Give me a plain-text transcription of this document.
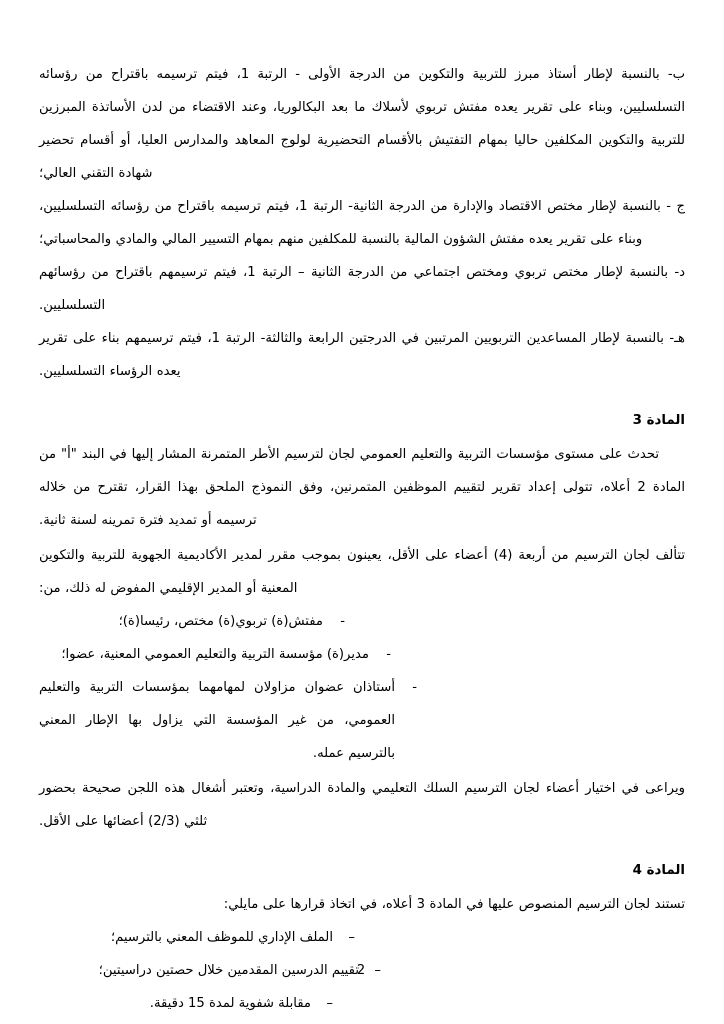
ب- بالنسبة لإطار أستاذ مبرز للتربية والتكوين من الدرجة الأولى - الرتبة 1، فيتم ترسيمه باقتراح من رؤسائه التسلسليين، وبناء على تقرير يعده مفتش تربوي لأسلاك ما بعد البكالوريا، وعند الاقتضاء من لدن الأساتذة المبرزين للتربية والتكوين المكلفين حاليا بمهام التفتيش بالأقسام التحضيرية لولوج المعاهد والمدارس العليا، أو أقسام تحضير شهادة التقني العالي؛

ج - بالنسبة لإطار مختص الاقتصاد والإدارة من الدرجة الثانية- الرتبة 1، فيتم ترسيمه باقتراح من رؤسائه التسلسليين، وبناء على تقرير يعده مفتش الشؤون المالية بالنسبة للمكلفين منهم بمهام التسيير المالي والمادي والمحاسباتي؛

د- بالنسبة لإطار مختص تربوي ومختص اجتماعي من الدرجة الثانية – الرتبة 1، فيتم ترسيمهم باقتراح من رؤسائهم التسلسليين.

هـ- بالنسبة لإطار المساعدين التربويين المرتبين في الدرجتين الرابعة والثالثة- الرتبة 1، فيتم ترسيمهم بناء على تقرير يعده الرؤساء التسلسليين.

المادة 3

تحدث على مستوى مؤسسات التربية والتعليم العمومي لجان لترسيم الأطر المتمرنة المشار إليها في البند "أ" من المادة 2 أعلاه، تتولى إعداد تقرير لتقييم الموظفين المتمرنين، وفق النموذج الملحق بهذا القرار، تقترح من خلاله ترسيمه أو تمديد فترة تمرينه لسنة ثانية.

تتألف لجان الترسيم من أربعة (4) أعضاء على الأقل، يعينون بموجب مقرر لمدير الأكاديمية الجهوية للتربية والتكوين المعنية أو المدير الإقليمي المفوض له ذلك، من:

-
مفتش(ة) تربوي(ة) مختص، رئيسا(ة)؛
-
مدير(ة) مؤسسة التربية والتعليم العمومي المعنية، عضوا؛
-
أستاذان عضوان مزاولان لمهامهما بمؤسسات التربية والتعليم العمومي، من غير المؤسسة التي يزاول بها الإطار المعني بالترسيم عمله.

ويراعى في اختيار أعضاء لجان الترسيم السلك التعليمي والمادة الدراسية، وتعتبر أشغال هذه اللجن صحيحة بحضور ثلثي (2/3) أعضائها على الأقل.

المادة 4

تستند لجان الترسيم المنصوص عليها في المادة 3 أعلاه، في اتخاذ قرارها على مايلي:

–
الملف الإداري للموظف المعني بالترسيم؛
–
تقييم الدرسين المقدمين خلال حصتين دراسيتين؛
–
مقابلة شفوية لمدة 15 دقيقة.
2
